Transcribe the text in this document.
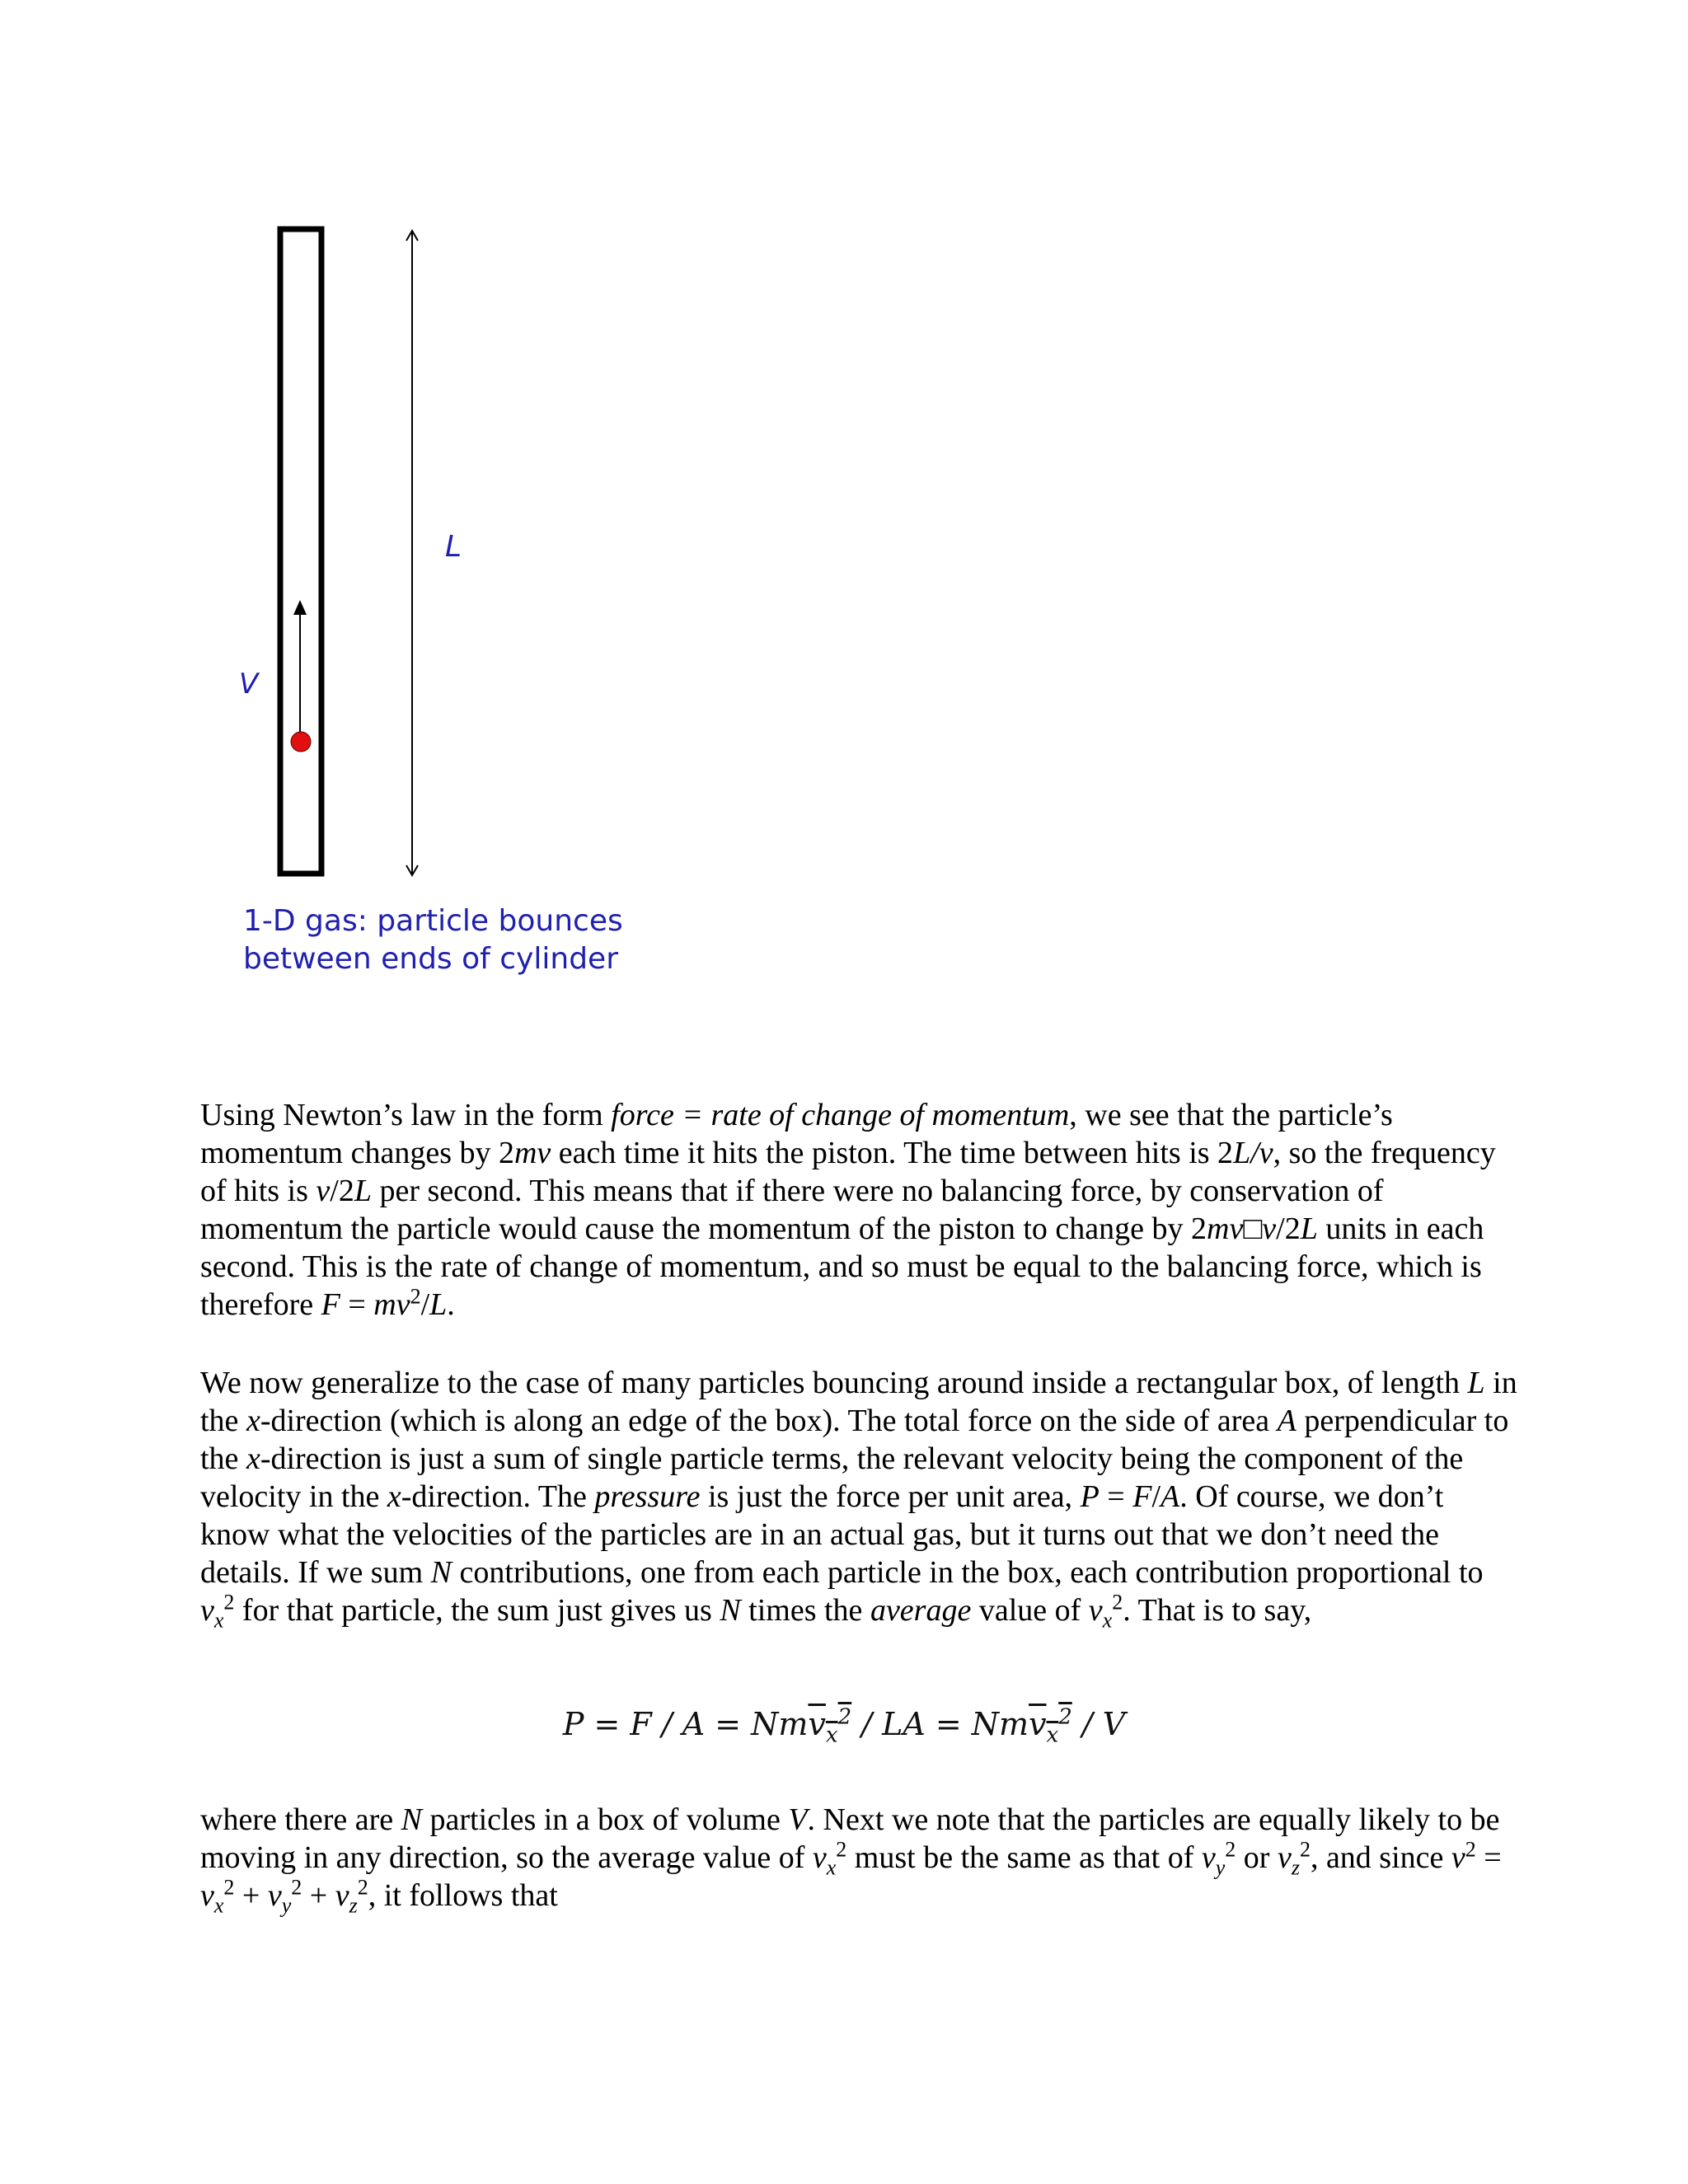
V
L
1-D gas: particle bounces
between ends of cylinder

Using Newton’s law in the form force = rate of change of momentum, we see that the particle’s momentum changes by 2mv each time it hits the piston. The time between hits is 2L/v, so the frequency of hits is v/2L per second. This means that if there were no balancing force, by conservation of momentum the particle would cause the momentum of the piston to change by 2mv□v/2L units in each second. This is the rate of change of momentum, and so must be equal to the balancing force, which is therefore $F = mv^2/L$.

We now generalize to the case of many particles bouncing around inside a rectangular box, of length L in the x-direction (which is along an edge of the box). The total force on the side of area A perpendicular to the x-direction is just a sum of single particle terms, the relevant velocity being the component of the velocity in the x-direction. The pressure is just the force per unit area, P = F/A. Of course, we don’t know what the velocities of the particles are in an actual gas, but it turns out that we don’t need the details. If we sum N contributions, one from each particle in the box, each contribution proportional to $v_x^2$ for that particle, the sum just gives us N times the average value of $v_x^2$. That is to say,

P = F / A = Nmv$_x^2$ / LA = Nmv$_x^2$ / V

where there are N particles in a box of volume V. Next we note that the particles are equally likely to be moving in any direction, so the average value of $v_x^2$ must be the same as that of $v_y^2$ or $v_z^2$, and since $v^2 = v_x^2 + v_y^2 + v_z^2$, it follows that
